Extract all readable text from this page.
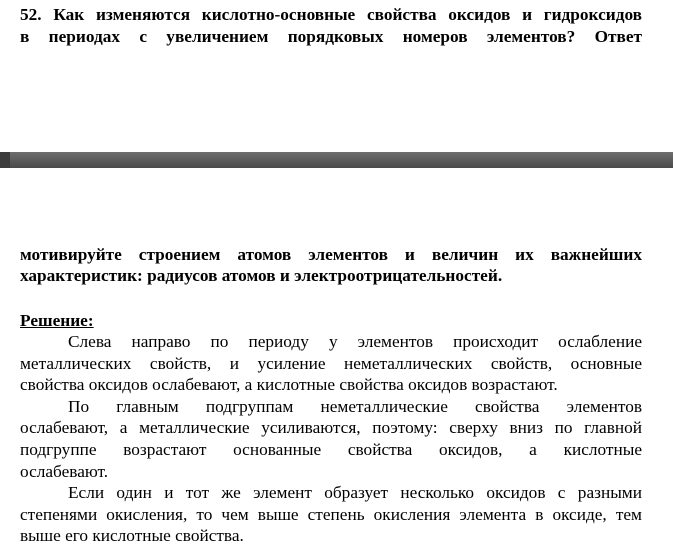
52. Как изменяются кислотно-основные свойства оксидов и гидроксидов
в периодах с увеличением порядковых номеров элементов? Ответ
мотивируйте строением атомов элементов и величин их важнейших
характеристик: радиусов атомов и электроотрицательностей.
Решение:
Слева направо по периоду у элементов происходит ослабление
металлических свойств, и усиление неметаллических свойств, основные
свойства оксидов ослабевают, а кислотные свойства оксидов возрастают.
По главным подгруппам неметаллические свойства элементов
ослабевают, а металлические усиливаются, поэтому: сверху вниз по главной
подгруппе возрастают основанные свойства оксидов, а кислотные
ослабевают.
Если один и тот же элемент образует несколько оксидов с разными
степенями окисления, то чем выше степень окисления элемента в оксиде, тем
выше его кислотные свойства.
